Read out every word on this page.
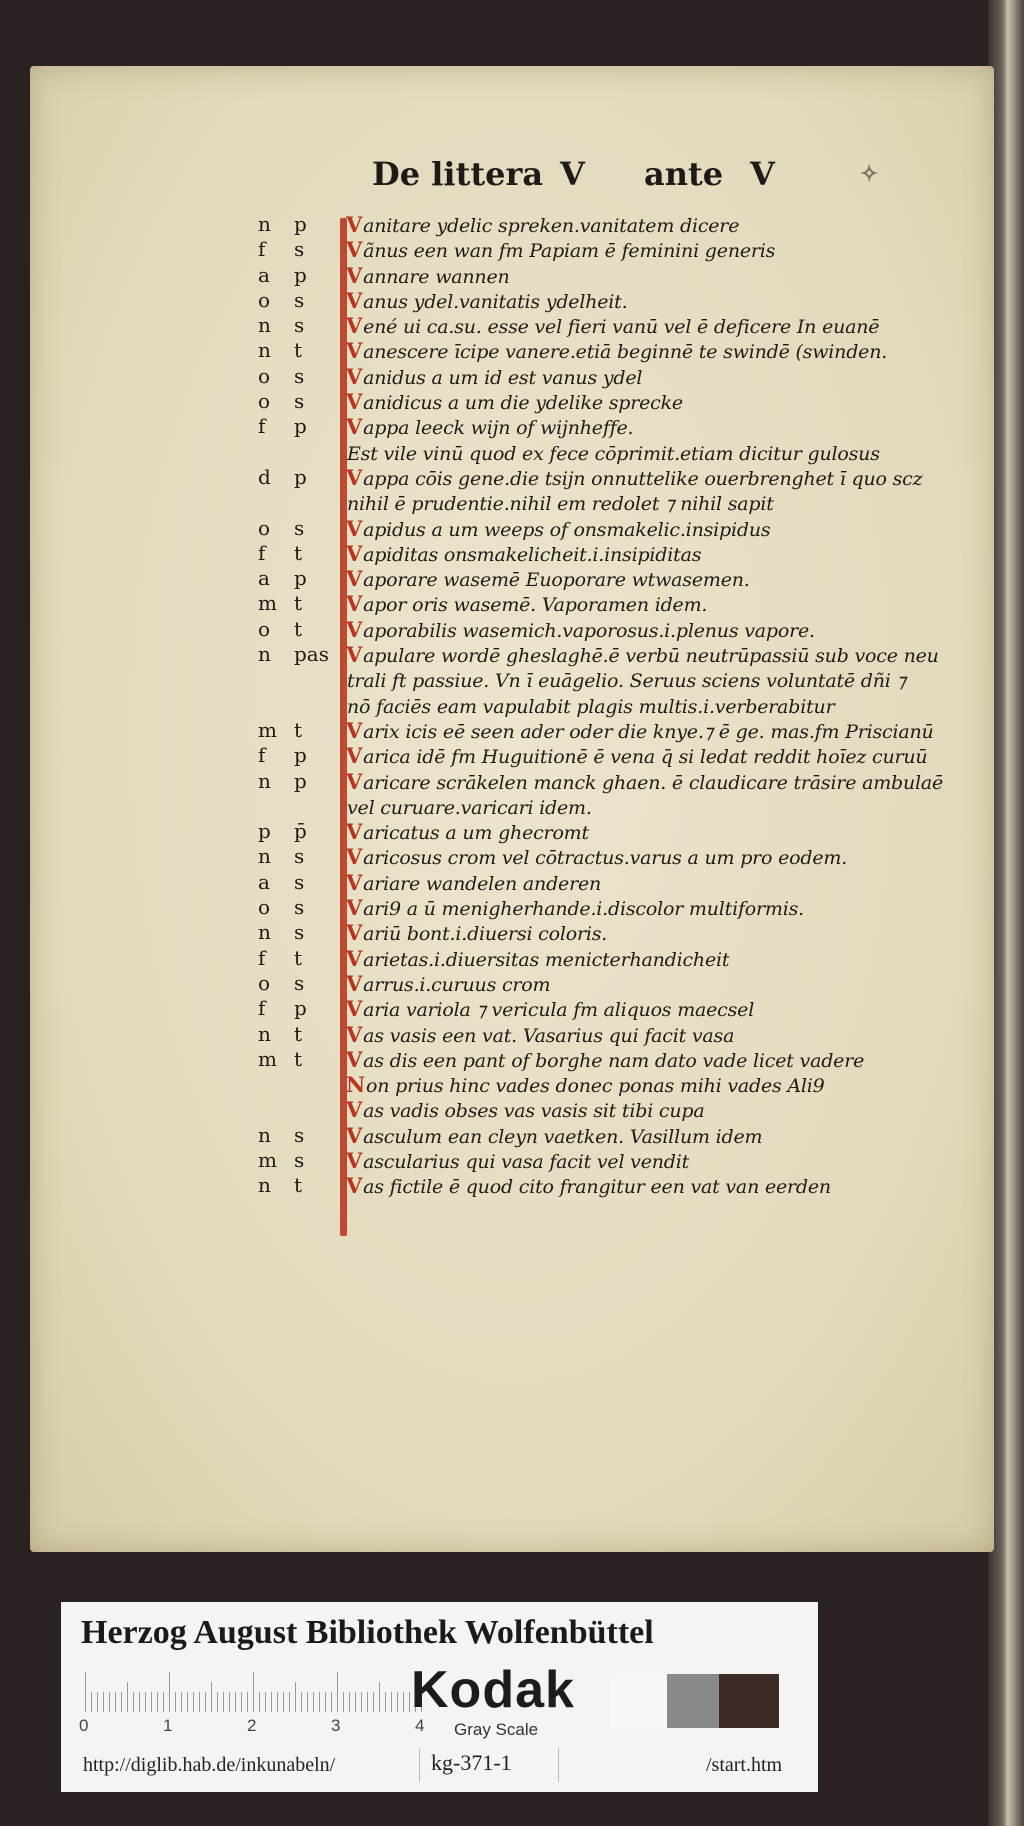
De littera V ante V	✧
n	p	Vanitare ydelic spreken.vanitatem dicere
f	s	Vãnus een wan fm Papiam ē feminini generis
a	p	Vannare wannen
o	s	Vanus ydel.vanitatis ydelheit.
n	s	Vené ui ca.su. esse vel fieri vanū vel ē deficere In euanē
n	t	Vanescere īcipe vanere.etiā beginnē te swindē (swinden.
o	s	Vanidus a um id est vanus ydel
o	s	Vanidicus a um die ydelike sprecke
f	p	Vappa leeck wijn of wijnheffe.
Est vile vinū quod ex fece cōprimit.etiam dicitur gulosus
d	p	Vappa cōis gene.die tsijn onnuttelike ouerbrenghet ī quo scz
nihil ē prudentie.nihil em redolet ⁊ nihil sapit
o	s	Vapidus a um weeps of onsmakelic.insipidus
f	t	Vapiditas onsmakelicheit.i.insipiditas
a	p	Vaporare wasemē Euoporare wtwasemen.
m t	Vapor oris wasemē. Vaporamen idem.
o	t	Vaporabilis wasemich.vaporosus.i.plenus vapore.
n	pas Vapulare wordē gheslaghē.ē verbū neutrūpassiū sub voce neu
trali ft passiue. Vn ī euāgelio. Seruus sciens voluntatē dñi ⁊
nō faciēs eam vapulabit plagis multis.i.verberabitur
m t	Varix icis eē seen ader oder die knye.⁊ ē ge. mas.fm Priscianū
f	p	Varica idē fm Huguitionē ē vena q̄ si ledat reddit hoīez curuū
n	p	Varicare scrākelen manck ghaen. ē claudicare trāsire ambulaē
vel curuare.varicari idem.
p	p̄	Varicatus a um ghecromt
n	s	Varicosus crom vel cōtractus.varus a um pro eodem.
a	s	Variare wandelen anderen
o	s	Vari9 a ū menigherhande.i.discolor multiformis.
n	s	Variū bont.i.diuersi coloris.
f	t	Varietas.i.diuersitas menicterhandicheit
o	s	Varrus.i.curuus crom
f	p	Varia variola ⁊ vericula fm aliquos maecsel
n	t	Vas vasis een vat. Vasarius qui facit vasa
m t	Vas dis een pant of borghe nam dato vade licet vadere
Non prius hinc vades donec ponas mihi vades Ali9
Vas vadis obses vas vasis sit tibi cupa
n	s	Vasculum ean cleyn vaetken. Vasillum idem
m s	Vascularius qui vasa facit vel vendit
n	t	Vas fictile ē quod cito frangitur een vat van eerden
Herzog August Bibliothek Wolfenbüttel
0	1	2	3	4
Kodak
Gray Scale
http://diglib.hab.de/inkunabeln/	kg-371-1	/start.htm
